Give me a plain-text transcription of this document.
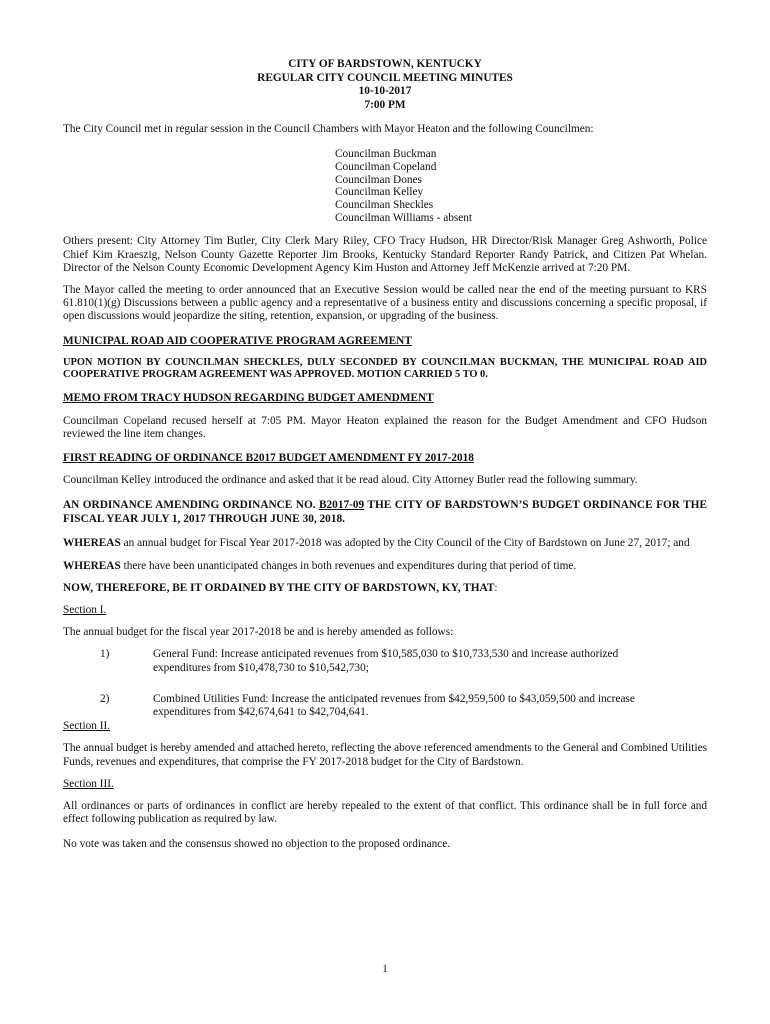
CITY OF BARDSTOWN, KENTUCKY
REGULAR CITY COUNCIL MEETING MINUTES
10-10-2017
7:00 PM

The City Council met in regular session in the Council Chambers with Mayor Heaton and the following Councilmen:

Councilman Buckman
Councilman Copeland
Councilman Dones
Councilman Kelley
Councilman Sheckles
Councilman Williams - absent

Others present: City Attorney Tim Butler, City Clerk Mary Riley, CFO Tracy Hudson, HR Director/Risk Manager Greg Ashworth, Police Chief Kim Kraeszig, Nelson County Gazette Reporter Jim Brooks, Kentucky Standard Reporter Randy Patrick, and Citizen Pat Whelan. Director of the Nelson County Economic Development Agency Kim Huston and Attorney Jeff McKenzie arrived at 7:20 PM.

The Mayor called the meeting to order announced that an Executive Session would be called near the end of the meeting pursuant to KRS 61.810(1)(g) Discussions between a public agency and a representative of a business entity and discussions concerning a specific proposal, if open discussions would jeopardize the siting, retention, expansion, or upgrading of the business.

MUNICIPAL ROAD AID COOPERATIVE PROGRAM AGREEMENT

UPON MOTION BY COUNCILMAN SHECKLES, DULY SECONDED BY COUNCILMAN BUCKMAN, THE MUNICIPAL ROAD AID COOPERATIVE PROGRAM AGREEMENT WAS APPROVED. MOTION CARRIED 5 TO 0.

MEMO FROM TRACY HUDSON REGARDING BUDGET AMENDMENT

Councilman Copeland recused herself at 7:05 PM. Mayor Heaton explained the reason for the Budget Amendment and CFO Hudson reviewed the line item changes.

FIRST READING OF ORDINANCE B2017 BUDGET AMENDMENT FY 2017-2018

Councilman Kelley introduced the ordinance and asked that it be read aloud. City Attorney Butler read the following summary.

AN ORDINANCE AMENDING ORDINANCE NO. B2017-09 THE CITY OF BARDSTOWN’S BUDGET ORDINANCE FOR THE FISCAL YEAR JULY 1, 2017 THROUGH JUNE 30, 2018.

WHEREAS an annual budget for Fiscal Year 2017-2018 was adopted by the City Council of the City of Bardstown on June 27, 2017; and

WHEREAS there have been unanticipated changes in both revenues and expenditures during that period of time.

NOW, THEREFORE, BE IT ORDAINED BY THE CITY OF BARDSTOWN, KY, THAT:

Section I.

The annual budget for the fiscal year 2017-2018 be and is hereby amended as follows:

1)	General Fund: Increase anticipated revenues from $10,585,030 to $10,733,530 and increase authorized expenditures from $10,478,730 to $10,542,730;
2)	Combined Utilities Fund: Increase the anticipated revenues from $42,959,500 to $43,059,500 and increase expenditures from $42,674,641 to $42,704,641.

Section II.

The annual budget is hereby amended and attached hereto, reflecting the above referenced amendments to the General and Combined Utilities Funds, revenues and expenditures, that comprise the FY 2017-2018 budget for the City of Bardstown.

Section III.

All ordinances or parts of ordinances in conflict are hereby repealed to the extent of that conflict. This ordinance shall be in full force and effect following publication as required by law.

No vote was taken and the consensus showed no objection to the proposed ordinance.

1
